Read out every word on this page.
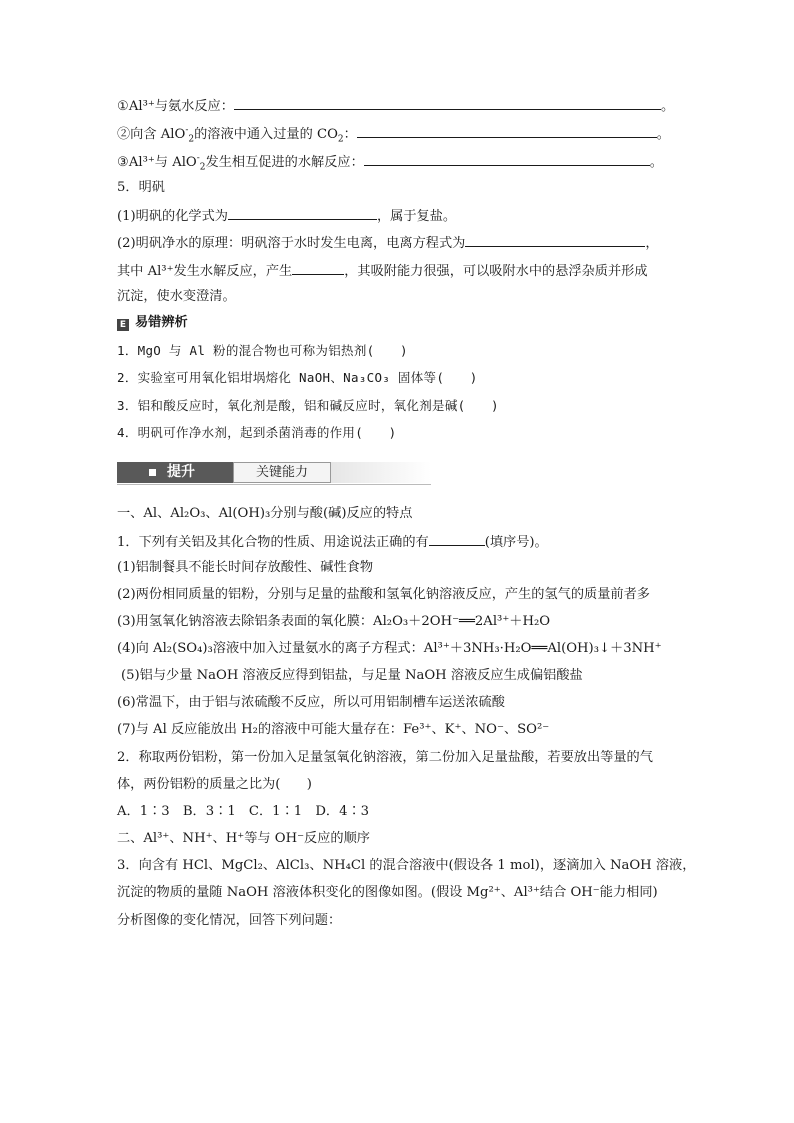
①Al³⁺与氨水反应：	。
②向含 AlO-$_2$的溶液中通入过量的 $CO_2$：	。
③Al³⁺与 AlO-$_2$发生相互促进的水解反应：	。
5．明矾
(1)明矾的化学式为	，属于复盐。
(2)明矾净水的原理：明矾溶于水时发生电离，电离方程式为	，
其中 Al³⁺发生水解反应，产生	，其吸附能力很强，可以吸附水中的悬浮杂质并形成
沉淀，使水变澄清。
E 易错辨析
1．MgO 与 Al 粉的混合物也可称为铝热剂(　　)
2．实验室可用氧化铝坩埚熔化 NaOH、Na₃CO₃ 固体等(　　)
3．铝和酸反应时，氧化剂是酸，铝和碱反应时，氧化剂是碱(　　)
4．明矾可作净水剂，起到杀菌消毒的作用(　　)
提升	关键能力
一、Al、Al₂O₃、Al(OH)₃分别与酸(碱)反应的特点
1．下列有关铝及其化合物的性质、用途说法正确的有	(填序号)。
(1)铝制餐具不能长时间存放酸性、碱性食物
(2)两份相同质量的铝粉，分别与足量的盐酸和氢氧化钠溶液反应，产生的氢气的质量前者多
(3)用氢氧化钠溶液去除铝条表面的氧化膜：Al₂O₃＋2OH⁻══2Al³⁺＋H₂O
(4)向 Al₂(SO₄)₃溶液中加入过量氨水的离子方程式：Al³⁺＋3NH₃·H₂O══Al(OH)₃↓＋3NH⁺
(5)铝与少量 NaOH 溶液反应得到铝盐，与足量 NaOH 溶液反应生成偏铝酸盐
(6)常温下，由于铝与浓硫酸不反应，所以可用铝制槽车运送浓硫酸
(7)与 Al 反应能放出 H₂的溶液中可能大量存在：Fe³⁺、K⁺、NO⁻、SO²⁻
2．称取两份铝粉，第一份加入足量氢氧化钠溶液，第二份加入足量盐酸，若要放出等量的气
体，两份铝粉的质量之比为(　　)
A．1∶3　B．3∶1　C．1∶1　D．4∶3
二、Al³⁺、NH⁺、H⁺等与 OH⁻反应的顺序
3．向含有 HCl、MgCl₂、AlCl₃、NH₄Cl 的混合溶液中(假设各 1 mol)，逐滴加入 NaOH 溶液，
沉淀的物质的量随 NaOH 溶液体积变化的图像如图。(假设 Mg²⁺、Al³⁺结合 OH⁻能力相同)
分析图像的变化情况，回答下列问题：
